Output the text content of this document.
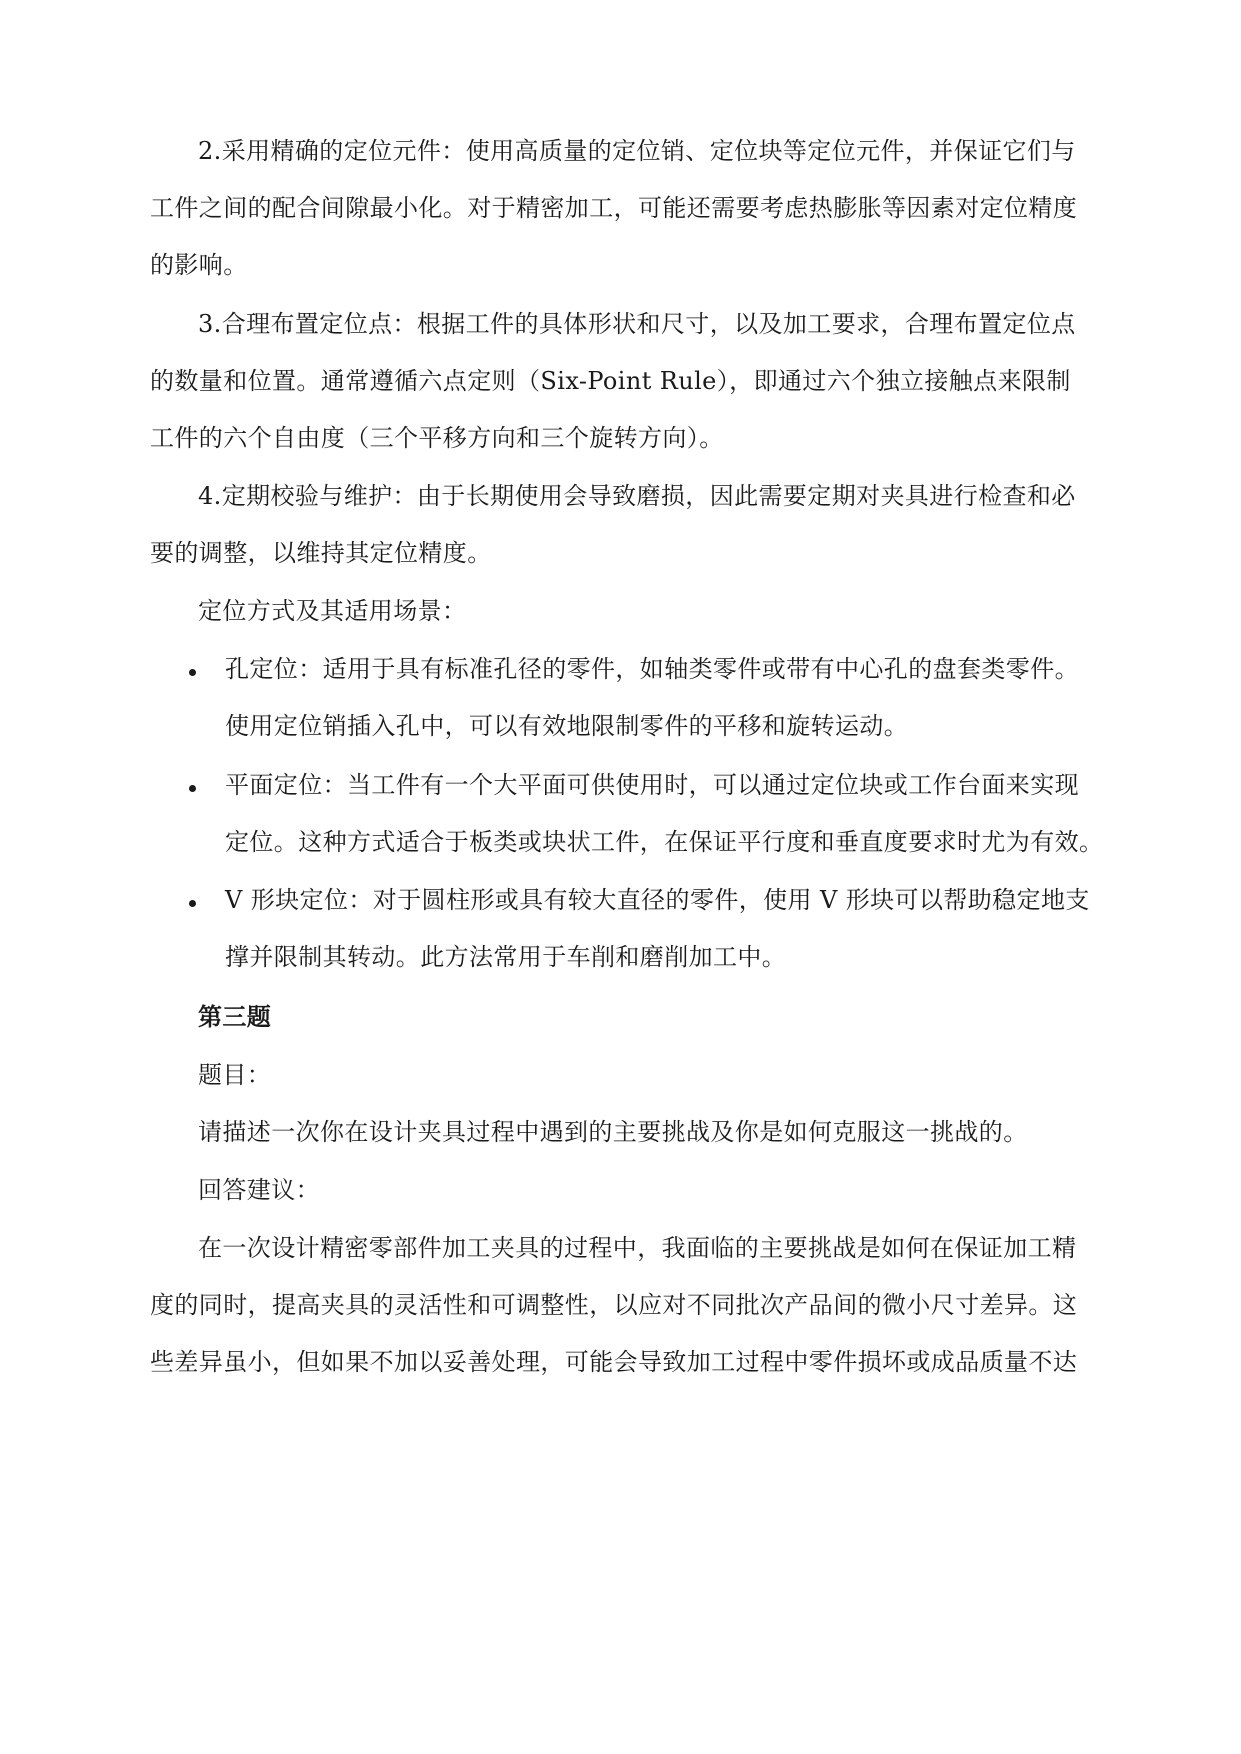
2.采用精确的定位元件：使用高质量的定位销、定位块等定位元件，并保证它们与
工件之间的配合间隙最小化。对于精密加工，可能还需要考虑热膨胀等因素对定位精度
的影响。
3.合理布置定位点：根据工件的具体形状和尺寸，以及加工要求，合理布置定位点
的数量和位置。通常遵循六点定则（Six-Point Rule），即通过六个独立接触点来限制
工件的六个自由度（三个平移方向和三个旋转方向）。
4.定期校验与维护：由于长期使用会导致磨损，因此需要定期对夹具进行检查和必
要的调整，以维持其定位精度。
定位方式及其适用场景：
孔定位：适用于具有标准孔径的零件，如轴类零件或带有中心孔的盘套类零件。
使用定位销插入孔中，可以有效地限制零件的平移和旋转运动。
平面定位：当工件有一个大平面可供使用时，可以通过定位块或工作台面来实现
定位。这种方式适合于板类或块状工件，在保证平行度和垂直度要求时尤为有效。
V 形块定位：对于圆柱形或具有较大直径的零件，使用 V 形块可以帮助稳定地支
撑并限制其转动。此方法常用于车削和磨削加工中。
第三题
题目：
请描述一次你在设计夹具过程中遇到的主要挑战及你是如何克服这一挑战的。
回答建议：
在一次设计精密零部件加工夹具的过程中，我面临的主要挑战是如何在保证加工精
度的同时，提高夹具的灵活性和可调整性，以应对不同批次产品间的微小尺寸差异。这
些差异虽小，但如果不加以妥善处理，可能会导致加工过程中零件损坏或成品质量不达
